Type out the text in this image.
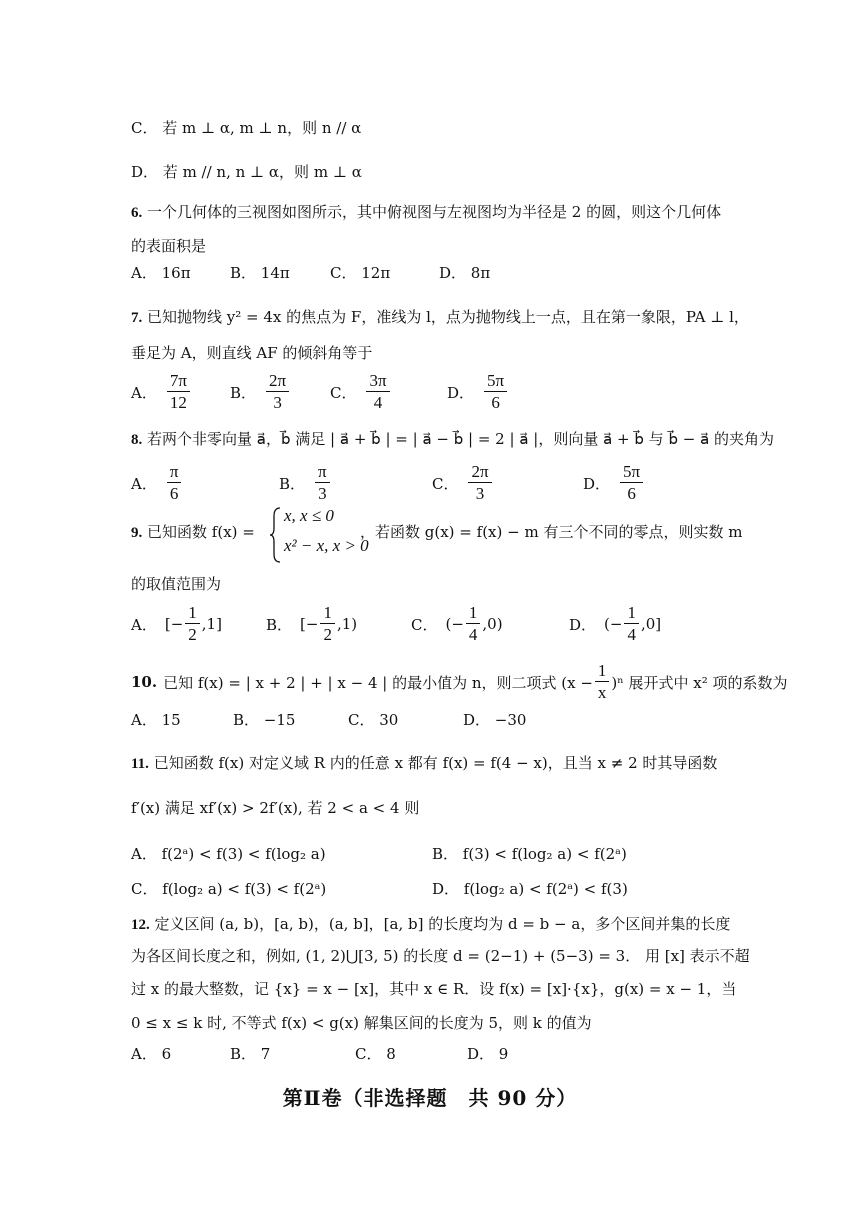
C． 若 m ⊥ α, m ⊥ n，则 n // α
D． 若 m // n, n ⊥ α，则 m ⊥ α
6. 一个几何体的三视图如图所示，其中俯视图与左视图均为半径是 2 的圆，则这个几何体
的表面积是
A． 16π	B． 14π	C． 12π	D． 8π
7. 已知抛物线 y² = 4x 的焦点为 F，准线为 l，点为抛物线上一点，且在第一象限，PA ⊥ l，
垂足为 A，则直线 AF 的倾斜角等于
A． $\frac{7\pi}{12}$	B． $\frac{2\pi}{3}$	C． $\frac{3\pi}{4}$	D． $\frac{5\pi}{6}$
8. 若两个非零向量 a⃗，b⃗ 满足 | a⃗ + b⃗ | = | a⃗ − b⃗ | = 2 | a⃗ |，则向量 a⃗ + b⃗ 与 b⃗ − a⃗ 的夹角为
A． $\frac{\pi}{6}$	B． $\frac{\pi}{3}$	C． $\frac{2\pi}{3}$	D． $\frac{5\pi}{6}$
9. 已知函数 f(x) =
x, x ≤ 0
x² − x, x > 0
，若函数 g(x) = f(x) − m 有三个不同的零点，则实数 m
的取值范围为
A． [− $\frac{1}{2} ,1$]	B． [− $\frac{1}{2} ,1$)	C． (− $\frac{1}{4} ,0$)	D． (− $\frac{1}{4} ,0$]
10. 已知 f(x) = | x + 2 | + | x − 4 | 的最小值为 n，则二项式 $(x - \frac{1}{x} )^n$ 展开式中 x² 项的系数为
A． 15	B． −15	C． 30	D． −30
11. 已知函数 f(x) 对定义域 R 内的任意 x 都有 f(x) = f(4 − x)，且当 x ≠ 2 时其导函数
f′(x) 满足 xf′(x) > 2f′(x), 若 2 < a < 4 则
A． f(2ᵃ) < f(3) < f(log₂ a)	B． f(3) < f(log₂ a) < f(2ᵃ)
C． f(log₂ a) < f(3) < f(2ᵃ)	D． f(log₂ a) < f(2ᵃ) < f(3)
12. 定义区间 (a, b)，[a, b)，(a, b]，[a, b] 的长度均为 d = b − a，多个区间并集的长度
为各区间长度之和，例如, (1, 2)⋃[3, 5) 的长度 d = (2−1) + (5−3) = 3． 用 [x] 表示不超
过 x 的最大整数，记 {x} = x − [x]，其中 x ∈ R．设 f(x) = [x]·{x}，g(x) = x − 1，当
0 ≤ x ≤ k 时, 不等式 f(x) < g(x) 解集区间的长度为 5，则 k 的值为
A． 6	B． 7	C． 8	D． 9
第Ⅱ卷（非选择题　共 90 分）
